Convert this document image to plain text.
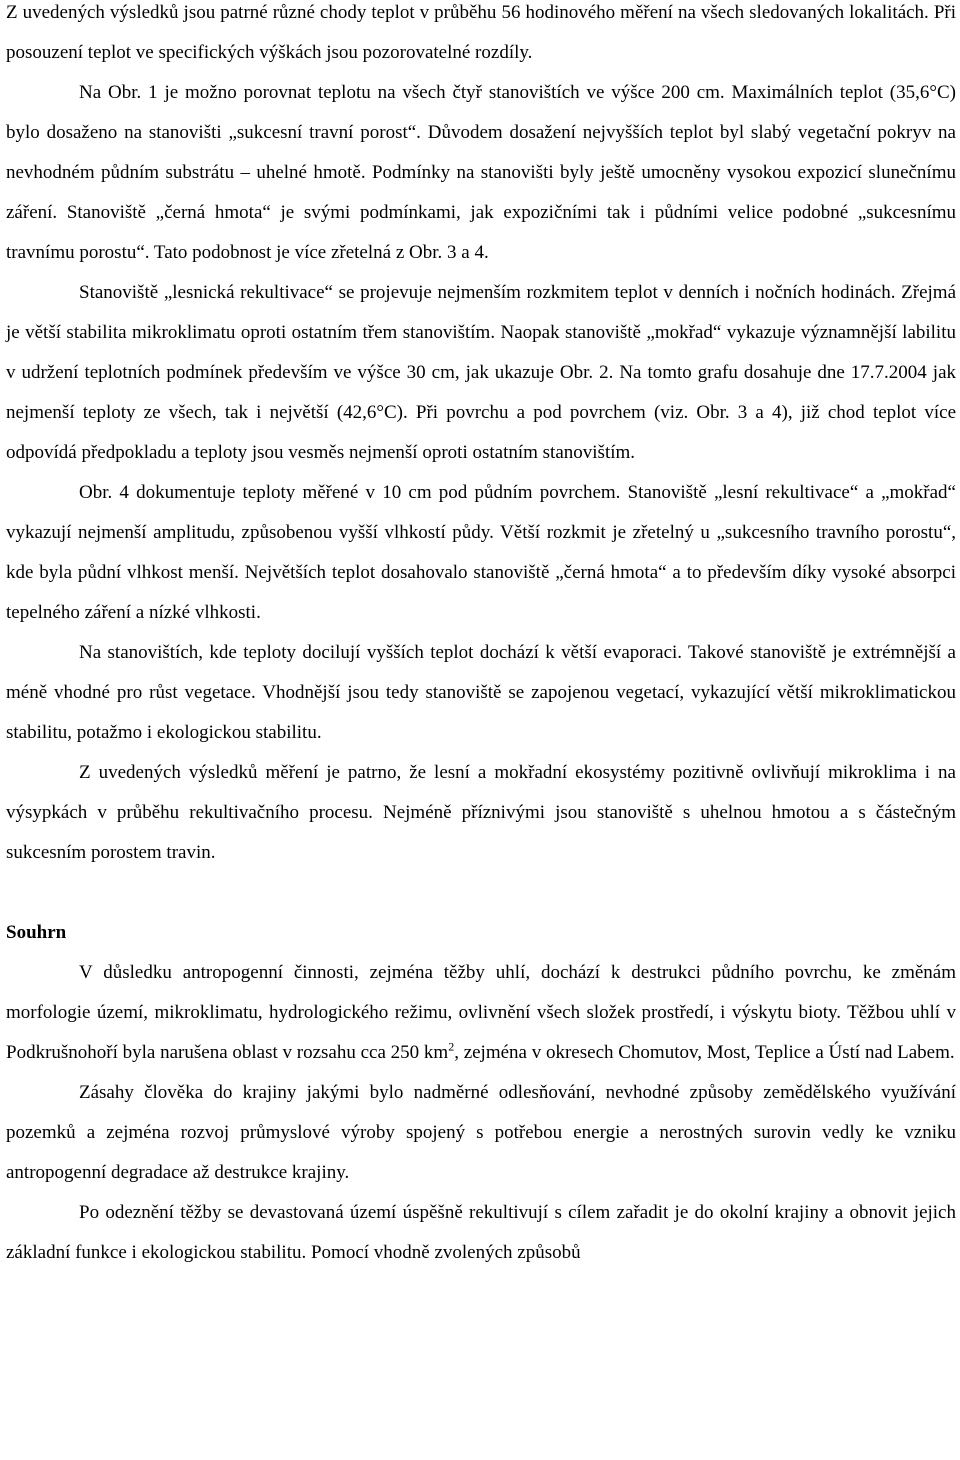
Z uvedených výsledků jsou patrné různé chody teplot v průběhu 56 hodinového měření na všech sledovaných lokalitách. Při posouzení teplot ve specifických výškách jsou pozorovatelné rozdíly.

Na Obr. 1 je možno porovnat teplotu na všech čtyř stanovištích ve výšce 200 cm. Maximálních teplot (35,6°C) bylo dosaženo na stanovišti „sukcesní travní porost“. Důvodem dosažení nejvyšších teplot byl slabý vegetační pokryv na nevhodném půdním substrátu – uhelné hmotě. Podmínky na stanovišti byly ještě umocněny vysokou expozicí slunečnímu záření. Stanoviště „černá hmota“ je svými podmínkami, jak expozičními tak i půdními velice podobné „sukcesnímu travnímu porostu“. Tato podobnost je více zřetelná z Obr. 3 a 4.

Stanoviště „lesnická rekultivace“ se projevuje nejmenším rozkmitem teplot v denních i nočních hodinách. Zřejmá je větší stabilita mikroklimatu oproti ostatním třem stanovištím. Naopak stanoviště „mokřad“ vykazuje významnější labilitu v udržení teplotních podmínek především ve výšce 30 cm, jak ukazuje Obr. 2. Na tomto grafu dosahuje dne 17.7.2004 jak nejmenší teploty ze všech, tak i největší (42,6°C). Při povrchu a pod povrchem (viz. Obr. 3 a 4), již chod teplot více odpovídá předpokladu a teploty jsou vesměs nejmenší oproti ostatním stanovištím.

Obr. 4 dokumentuje teploty měřené v 10 cm pod půdním povrchem. Stanoviště „lesní rekultivace“ a „mokřad“ vykazují nejmenší amplitudu, způsobenou vyšší vlhkostí půdy. Větší rozkmit je zřetelný u „sukcesního travního porostu“, kde byla půdní vlhkost menší. Největších teplot dosahovalo stanoviště „černá hmota“ a to především díky vysoké absorpci tepelného záření a nízké vlhkosti.

Na stanovištích, kde teploty docilují vyšších teplot dochází k větší evaporaci. Takové stanoviště je extrémnější a méně vhodné pro růst vegetace. Vhodnější jsou tedy stanoviště se zapojenou vegetací, vykazující větší mikroklimatickou stabilitu, potažmo i ekologickou stabilitu.

Z uvedených výsledků měření je patrno, že lesní a mokřadní ekosystémy pozitivně ovlivňují mikroklima i na výsypkách v průběhu rekultivačního procesu. Nejméně příznivými jsou stanoviště s uhelnou hmotou a s částečným sukcesním porostem travin.

Souhrn

V důsledku antropogenní činnosti, zejména těžby uhlí, dochází k destrukci půdního povrchu, ke změnám morfologie území, mikroklimatu, hydrologického režimu, ovlivnění všech složek prostředí, i výskytu bioty. Těžbou uhlí v Podkrušnohoří byla narušena oblast v rozsahu cca 250 $km^2$, zejména v okresech Chomutov, Most, Teplice a Ústí nad Labem.

Zásahy člověka do krajiny jakými bylo nadměrné odlesňování, nevhodné způsoby zemědělského využívání pozemků a zejména rozvoj průmyslové výroby spojený s potřebou energie a nerostných surovin vedly ke vzniku antropogenní degradace až destrukce krajiny.

Po odeznění těžby se devastovaná území úspěšně rekultivují s cílem zařadit je do okolní krajiny a obnovit jejich základní funkce i ekologickou stabilitu. Pomocí vhodně zvolených způsobů
